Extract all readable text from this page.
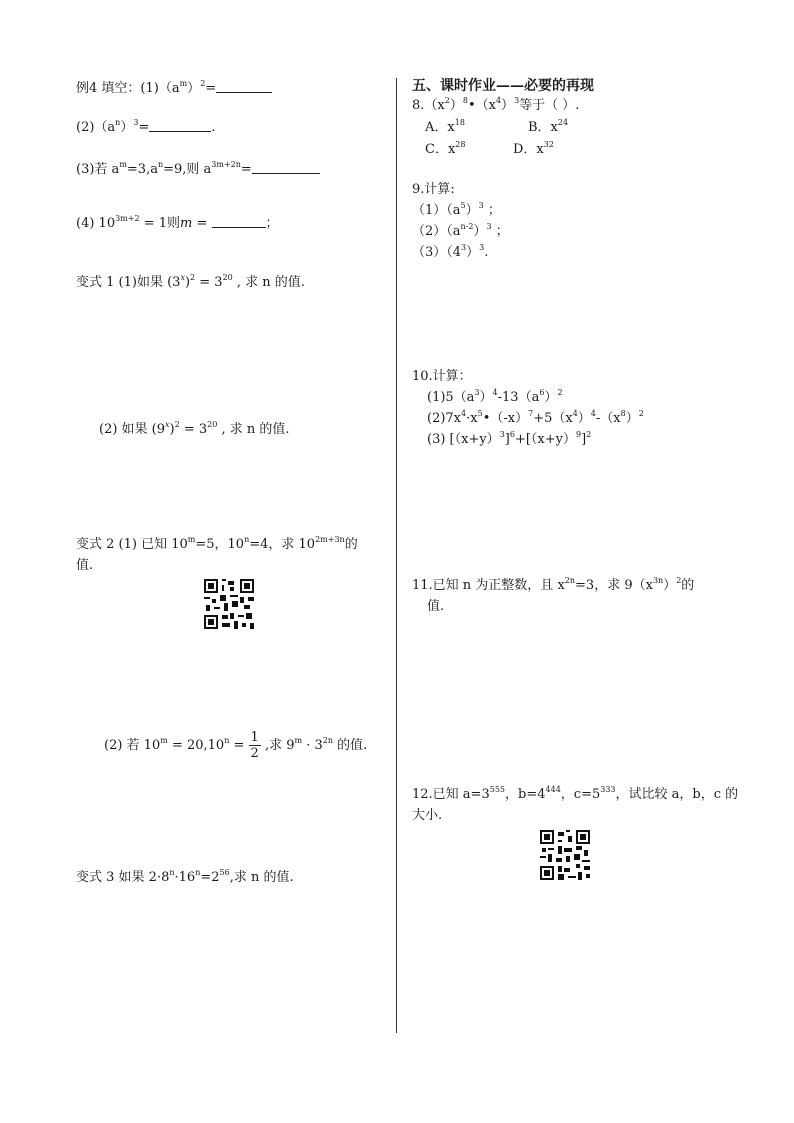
例4 填空：$(1)(a^m)^2=$
$(2)(a^n)^3=$	.
(3)若 $a^m=3,a^n=9$,则 $a^{3m+2n}=$
(4) $10^{3m+2} = 1$则m =	；
变式 1 (1)如果 $(3^x)^2 = 3^{20}$ , 求 n 的值.
(2) 如果 $(9^x)^2 = 3^{20}$ , 求 n 的值.
变式 2 (1) 已知 $10^m=5$，$10^n=4$，求 $10^{2m+3n}$的
值.
(2) 若 $10^m = 20,10^n = \frac{1}{2}$ ,求 $9^m \cdot 3^{2n}$ 的值.
变式 3 如果 $2\cdot 8^n\cdot 16^n=2^{56}$,求 n 的值.
五、课时作业——必要的再现
$8.(x^2)^8•(x^4)^3$等于（ ）.
A．$x^{18}$	B．$x^{24}$
C．$x^{28}$	D．$x^{32}$
9.计算:
$(1)(a^5)^3$ ；
$(2)(a^{n-2})^3$ ；
$(3)(4^3)^3$.
10.计算：
$(1)5(a^3)^4-13(a^6)^2$
$(2)7x^4\cdot x^5•(-x)^7+5(x^4)^4-(x^8)^2$
(3) $[(x+y)^3]^6+[(x+y)^9]^2$
11.已知 n 为正整数，且 $x^{2n}=3$，求 $9(x^{3n})^2$的
值.
12.已知 $a=3^{555}$，$b=4^{444}$，$c=5^{333}$，试比较 a，b，c 的
大小.
